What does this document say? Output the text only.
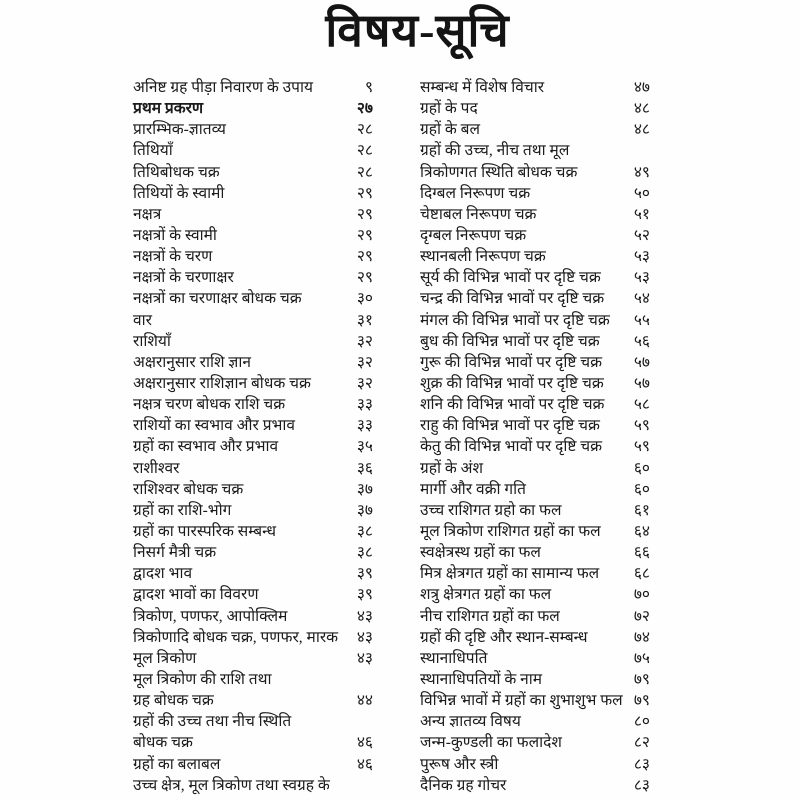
विषय-सूचि
अनिष्ट ग्रह पीड़ा निवारण के उपाय	९
प्रथम प्रकरण	२७
प्रारम्भिक-ज्ञातव्य	२८
तिथियाँ	२८
तिथिबोधक चक्र	२८
तिथियों के स्वामी	२९
नक्षत्र	२९
नक्षत्रों के स्वामी	२९
नक्षत्रों के चरण	२९
नक्षत्रों के चरणाक्षर	२९
नक्षत्रों का चरणाक्षर बोधक चक्र	३०
वार	३१
राशियाँ	३२
अक्षरानुसार राशि ज्ञान	३२
अक्षरानुसार राशिज्ञान बोधक चक्र	३२
नक्षत्र चरण बोधक राशि चक्र	३३
राशियों का स्वभाव और प्रभाव	३३
ग्रहों का स्वभाव और प्रभाव	३५
राशीश्वर	३६
राशिश्वर बोधक चक्र	३७
ग्रहों का राशि-भोग	३७
ग्रहों का पारस्परिक सम्बन्ध	३८
निसर्ग मैत्री चक्र	३८
द्वादश भाव	३९
द्वादश भावों का विवरण	३९
त्रिकोण, पणफर, आपोक्लिम	४३
त्रिकोणादि बोधक चक्र, पणफर, मारक	४३
मूल त्रिकोण	४३
मूल त्रिकोण की राशि तथा
ग्रह बोधक चक्र	४४
ग्रहों की उच्च तथा नीच स्थिति
बोधक चक्र	४६
ग्रहों का बलाबल	४६
उच्च क्षेत्र, मूल त्रिकोण तथा स्वग्रह के
सम्बन्ध में विशेष विचार	४७
ग्रहों के पद	४८
ग्रहों के बल	४८
ग्रहों की उच्च, नीच तथा मूल
त्रिकोणगत स्थिति बोधक चक्र	४९
दिग्बल निरूपण चक्र	५०
चेष्टाबल निरूपण चक्र	५१
दृग्बल निरूपण चक्र	५२
स्थानबली निरूपण चक्र	५३
सूर्य की विभिन्न भावों पर दृष्टि चक्र	५३
चन्द्र की विभिन्न भावों पर दृष्टि चक्र	५४
मंगल की विभिन्न भावों पर दृष्टि चक्र	५५
बुध की विभिन्न भावों पर दृष्टि चक्र	५६
गुरू की विभिन्न भावों पर दृष्टि चक्र	५७
शुक्र की विभिन्न भावों पर दृष्टि चक्र	५७
शनि की विभिन्न भावों पर दृष्टि चक्र	५८
राहु की विभिन्न भावों पर दृष्टि चक्र	५९
केतु की विभिन्न भावों पर दृष्टि चक्र	५९
ग्रहों के अंश	६०
मार्गी और वक्री गति	६०
उच्च राशिगत ग्रहो का फल	६१
मूल त्रिकोण राशिगत ग्रहों का फल	६४
स्वक्षेत्रस्थ ग्रहों का फल	६६
मित्र क्षेत्रगत ग्रहों का सामान्य फल	६८
शत्रु क्षेत्रगत ग्रहों का फल	७०
नीच राशिगत ग्रहों का फल	७२
ग्रहों की दृष्टि और स्थान-सम्बन्ध	७४
स्थानाधिपति	७५
स्थानाधिपतियों के नाम	७९
विभिन्न भावों में ग्रहों का शुभाशुभ फल ७९
अन्य ज्ञातव्य विषय	८०
जन्म-कुण्डली का फलादेश	८२
पुरूष और स्त्री	८३
दैनिक ग्रह गोचर	८३
